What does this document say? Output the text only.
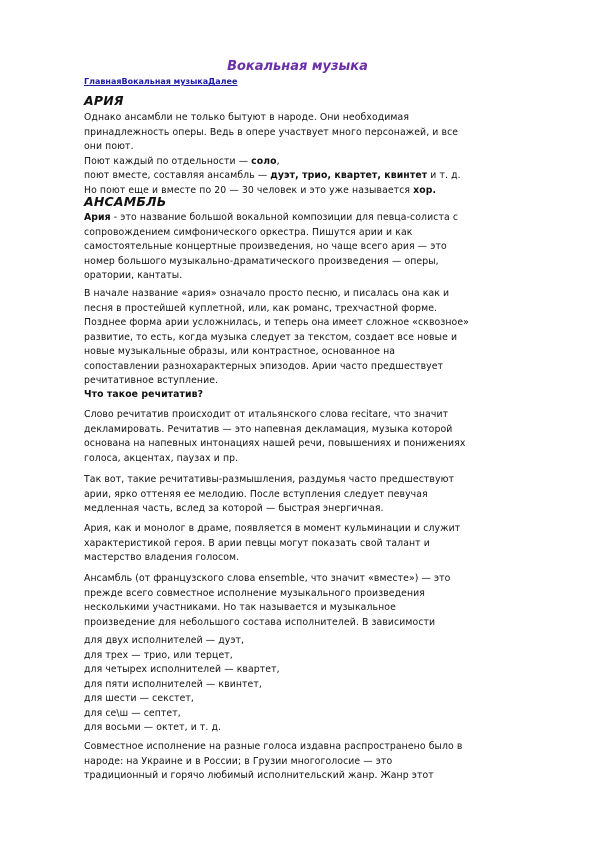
Вокальная музыка
ГлавнаяВокальная музыкаДалее
АРИЯ
Однако ансамбли не только бытуют в народе. Они необходимая
принадлежность оперы. Ведь в опере участвует много персонажей, и все
они поют.
Поют каждый по отдельности — соло,
поют вместе, составляя ансамбль — дуэт, трио, квартет, квинтет и т. д.
Но поют еще и вместе по 20 — 30 человек и это уже называется хор.
АНСАМБЛЬ
Ария - это название большой вокальной композиции для певца-солиста с
сопровождением симфонического оркестра. Пишутся арии и как
самостоятельные концертные произведения, но чаще всего ария — это
номер большого музыкально-драматического произведения — оперы,
оратории, кантаты.
В начале название «ария» означало просто песню, и писалась она как и
песня в простейшей куплетной, или, как романс, трехчастной форме.
Позднее форма арии усложнилась, и теперь она имеет сложное «сквозное»
развитие, то есть, когда музыка следует за текстом, создает все новые и
новые музыкальные образы, или контрастное, основанное на
сопоставлении разнохарактерных эпизодов. Арии часто предшествует
речитативное вступление.
Что такое речитатив?
Слово речитатив происходит от итальянского слова recitare, что значит
декламировать. Речитатив — это напевная декламация, музыка которой
основана на напевных интонациях нашей речи, повышениях и понижениях
голоса, акцентах, паузах и пр.
Так вот, такие речитативы-размышления, раздумья часто предшествуют
арии, ярко оттеняя ее мелодию. После вступления следует певучая
медленная часть, вслед за которой — быстрая энергичная.
Ария, как и монолог в драме, появляется в момент кульминации и служит
характеристикой героя. В арии певцы могут показать свой талант и
мастерство владения голосом.
Ансамбль (от французского слова ensemble, что значит «вместе») — это
прежде всего совместное исполнение музыкального произведения
несколькими участниками. Но так называется и музыкальное
произведение для небольшого состава исполнителей. В зависимости
для двух исполнителей — дуэт,
для трех — трио, или терцет,
для четырех исполнителей — квартет,
для пяти исполнителей — квинтет,
для шести — секстет,
для се\ш — септет,
для восьми — октет, и т. д.
Совместное исполнение на разные голоса издавна распространено было в
народе: на Украине и в России; в Грузии многоголосие — это
традиционный и горячо любимый исполнительский жанр. Жанр этот
